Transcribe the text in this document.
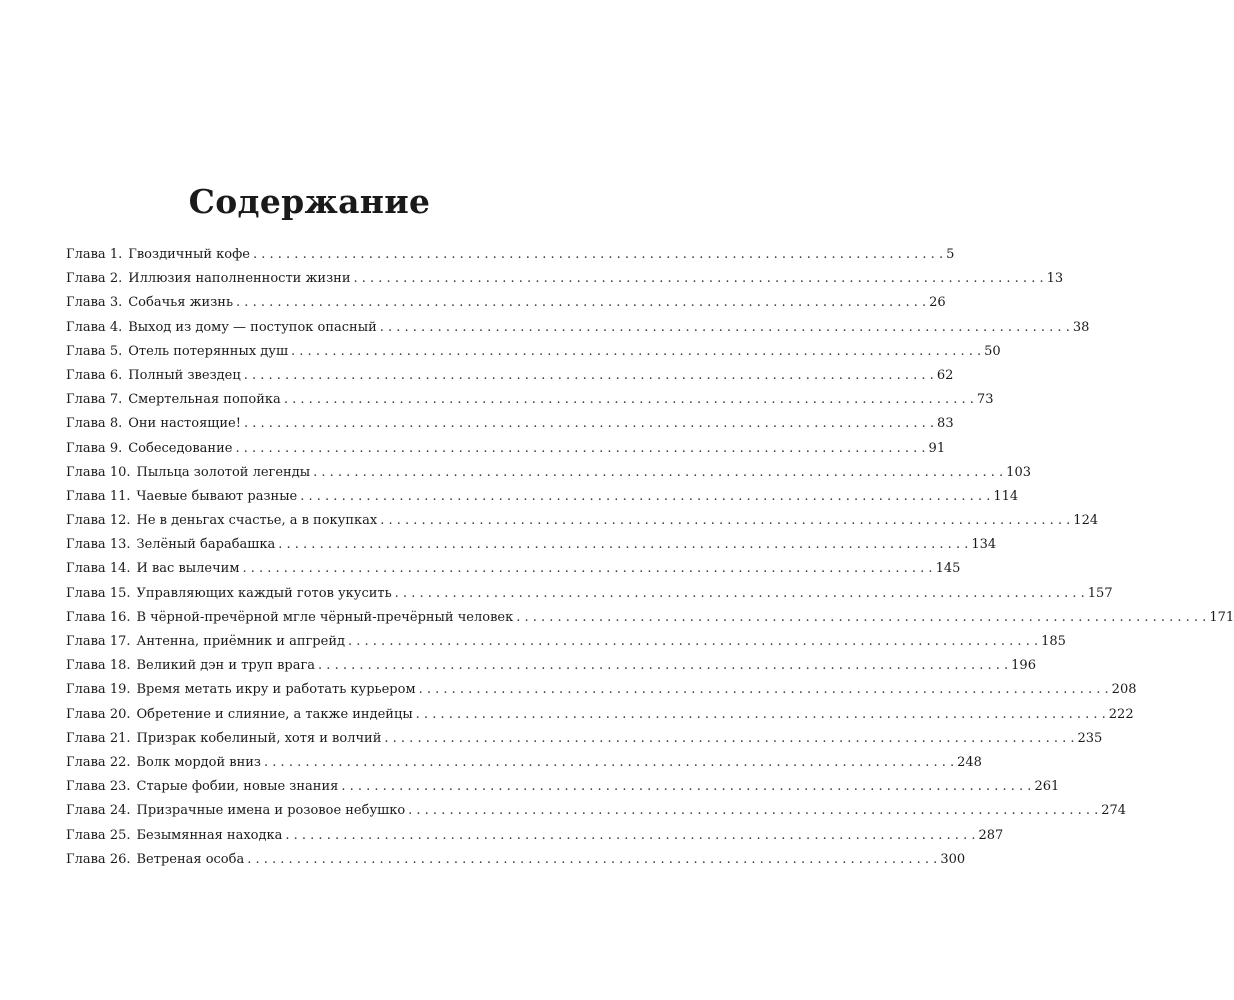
Содержание
Глава 1. Гвоздичный кофе . . .	5
Глава 2. Иллюзия наполненности жизни . . .	13
Глава 3. Собачья жизнь . . .	26
Глава 4. Выход из дому — поступок опасный . . .	38
Глава 5. Отель потерянных душ . . .	50
Глава 6. Полный звездец . . .	62
Глава 7. Смертельная попойка . . .	73
Глава 8. Они настоящие! . . .	83
Глава 9. Собеседование . . .	91
Глава 10. Пыльца золотой легенды . . .	103
Глава 11. Чаевые бывают разные . . .	114
Глава 12. Не в деньгах счастье, а в покупках . . .	124
Глава 13. Зелёный барабашка . . .	134
Глава 14. И вас вылечим . . .	145
Глава 15. Управляющих каждый готов укусить . . .	157
Глава 16. В чёрной-пречёрной мгле чёрный-пречёрный человек . . .	171
Глава 17. Антенна, приёмник и апгрейд . . .	185
Глава 18. Великий дэн и труп врага . . .	196
Глава 19. Время метать икру и работать курьером . . .	208
Глава 20. Обретение и слияние, а также индейцы . . .	222
Глава 21. Призрак кобелиный, хотя и волчий . . .	235
Глава 22. Волк мордой вниз . . .	248
Глава 23. Старые фобии, новые знания . . .	261
Глава 24. Призрачные имена и розовое небушко . . .	274
Глава 25. Безымянная находка . . .	287
Глава 26. Ветреная особа . . .	300
